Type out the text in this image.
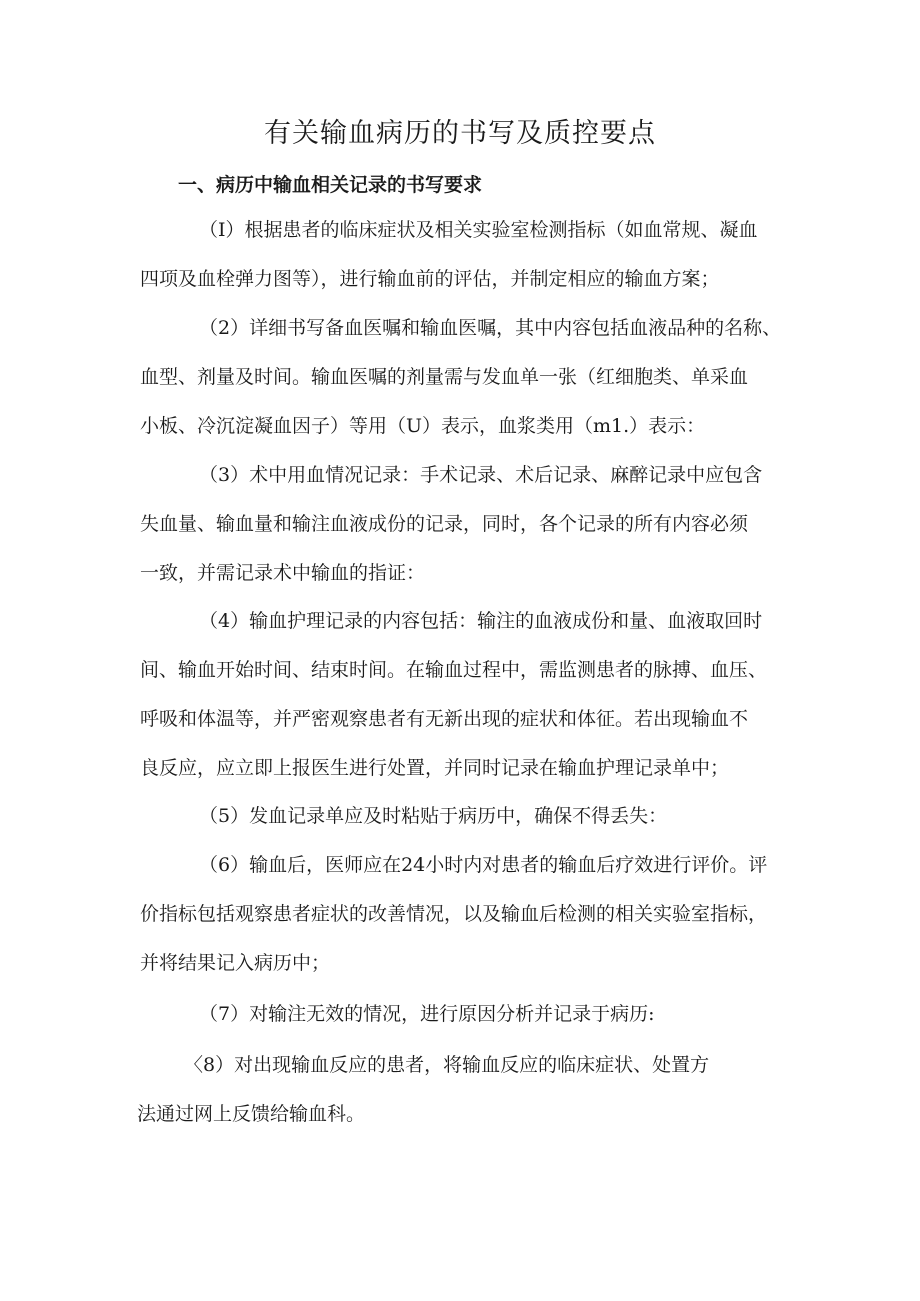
有关输血病历的书写及质控要点
一、病历中输血相关记录的书写要求
（I）根据患者的临床症状及相关实验室检测指标（如血常规、凝血
四项及血栓弹力图等），进行输血前的评估，并制定相应的输血方案；
（2）详细书写备血医嘱和输血医嘱，其中内容包括血液品种的名称、
血型、剂量及时间。输血医嘱的剂量需与发血单一张（红细胞类、单采血
小板、冷沉淀凝血因子）等用（U）表示，血浆类用（m1.）表示：
（3）术中用血情况记录：手术记录、术后记录、麻醉记录中应包含
失血量、输血量和输注血液成份的记录，同时，各个记录的所有内容必须
一致，并需记录术中输血的指证：
（4）输血护理记录的内容包括：输注的血液成份和量、血液取回时
间、输血开始时间、结束时间。在输血过程中，需监测患者的脉搏、血压、
呼吸和体温等，并严密观察患者有无新出现的症状和体征。若出现输血不
良反应，应立即上报医生进行处置，并同时记录在输血护理记录单中；
（5）发血记录单应及时粘贴于病历中，确保不得丢失：
（6）输血后，医师应在24小时内对患者的输血后疗效进行评价。评
价指标包括观察患者症状的改善情况，以及输血后检测的相关实验室指标，
并将结果记入病历中；
（7）对输注无效的情况，进行原因分析并记录于病历:
〈8）对出现输血反应的患者，将输血反应的临床症状、处置方
法通过网上反馈给输血科。
